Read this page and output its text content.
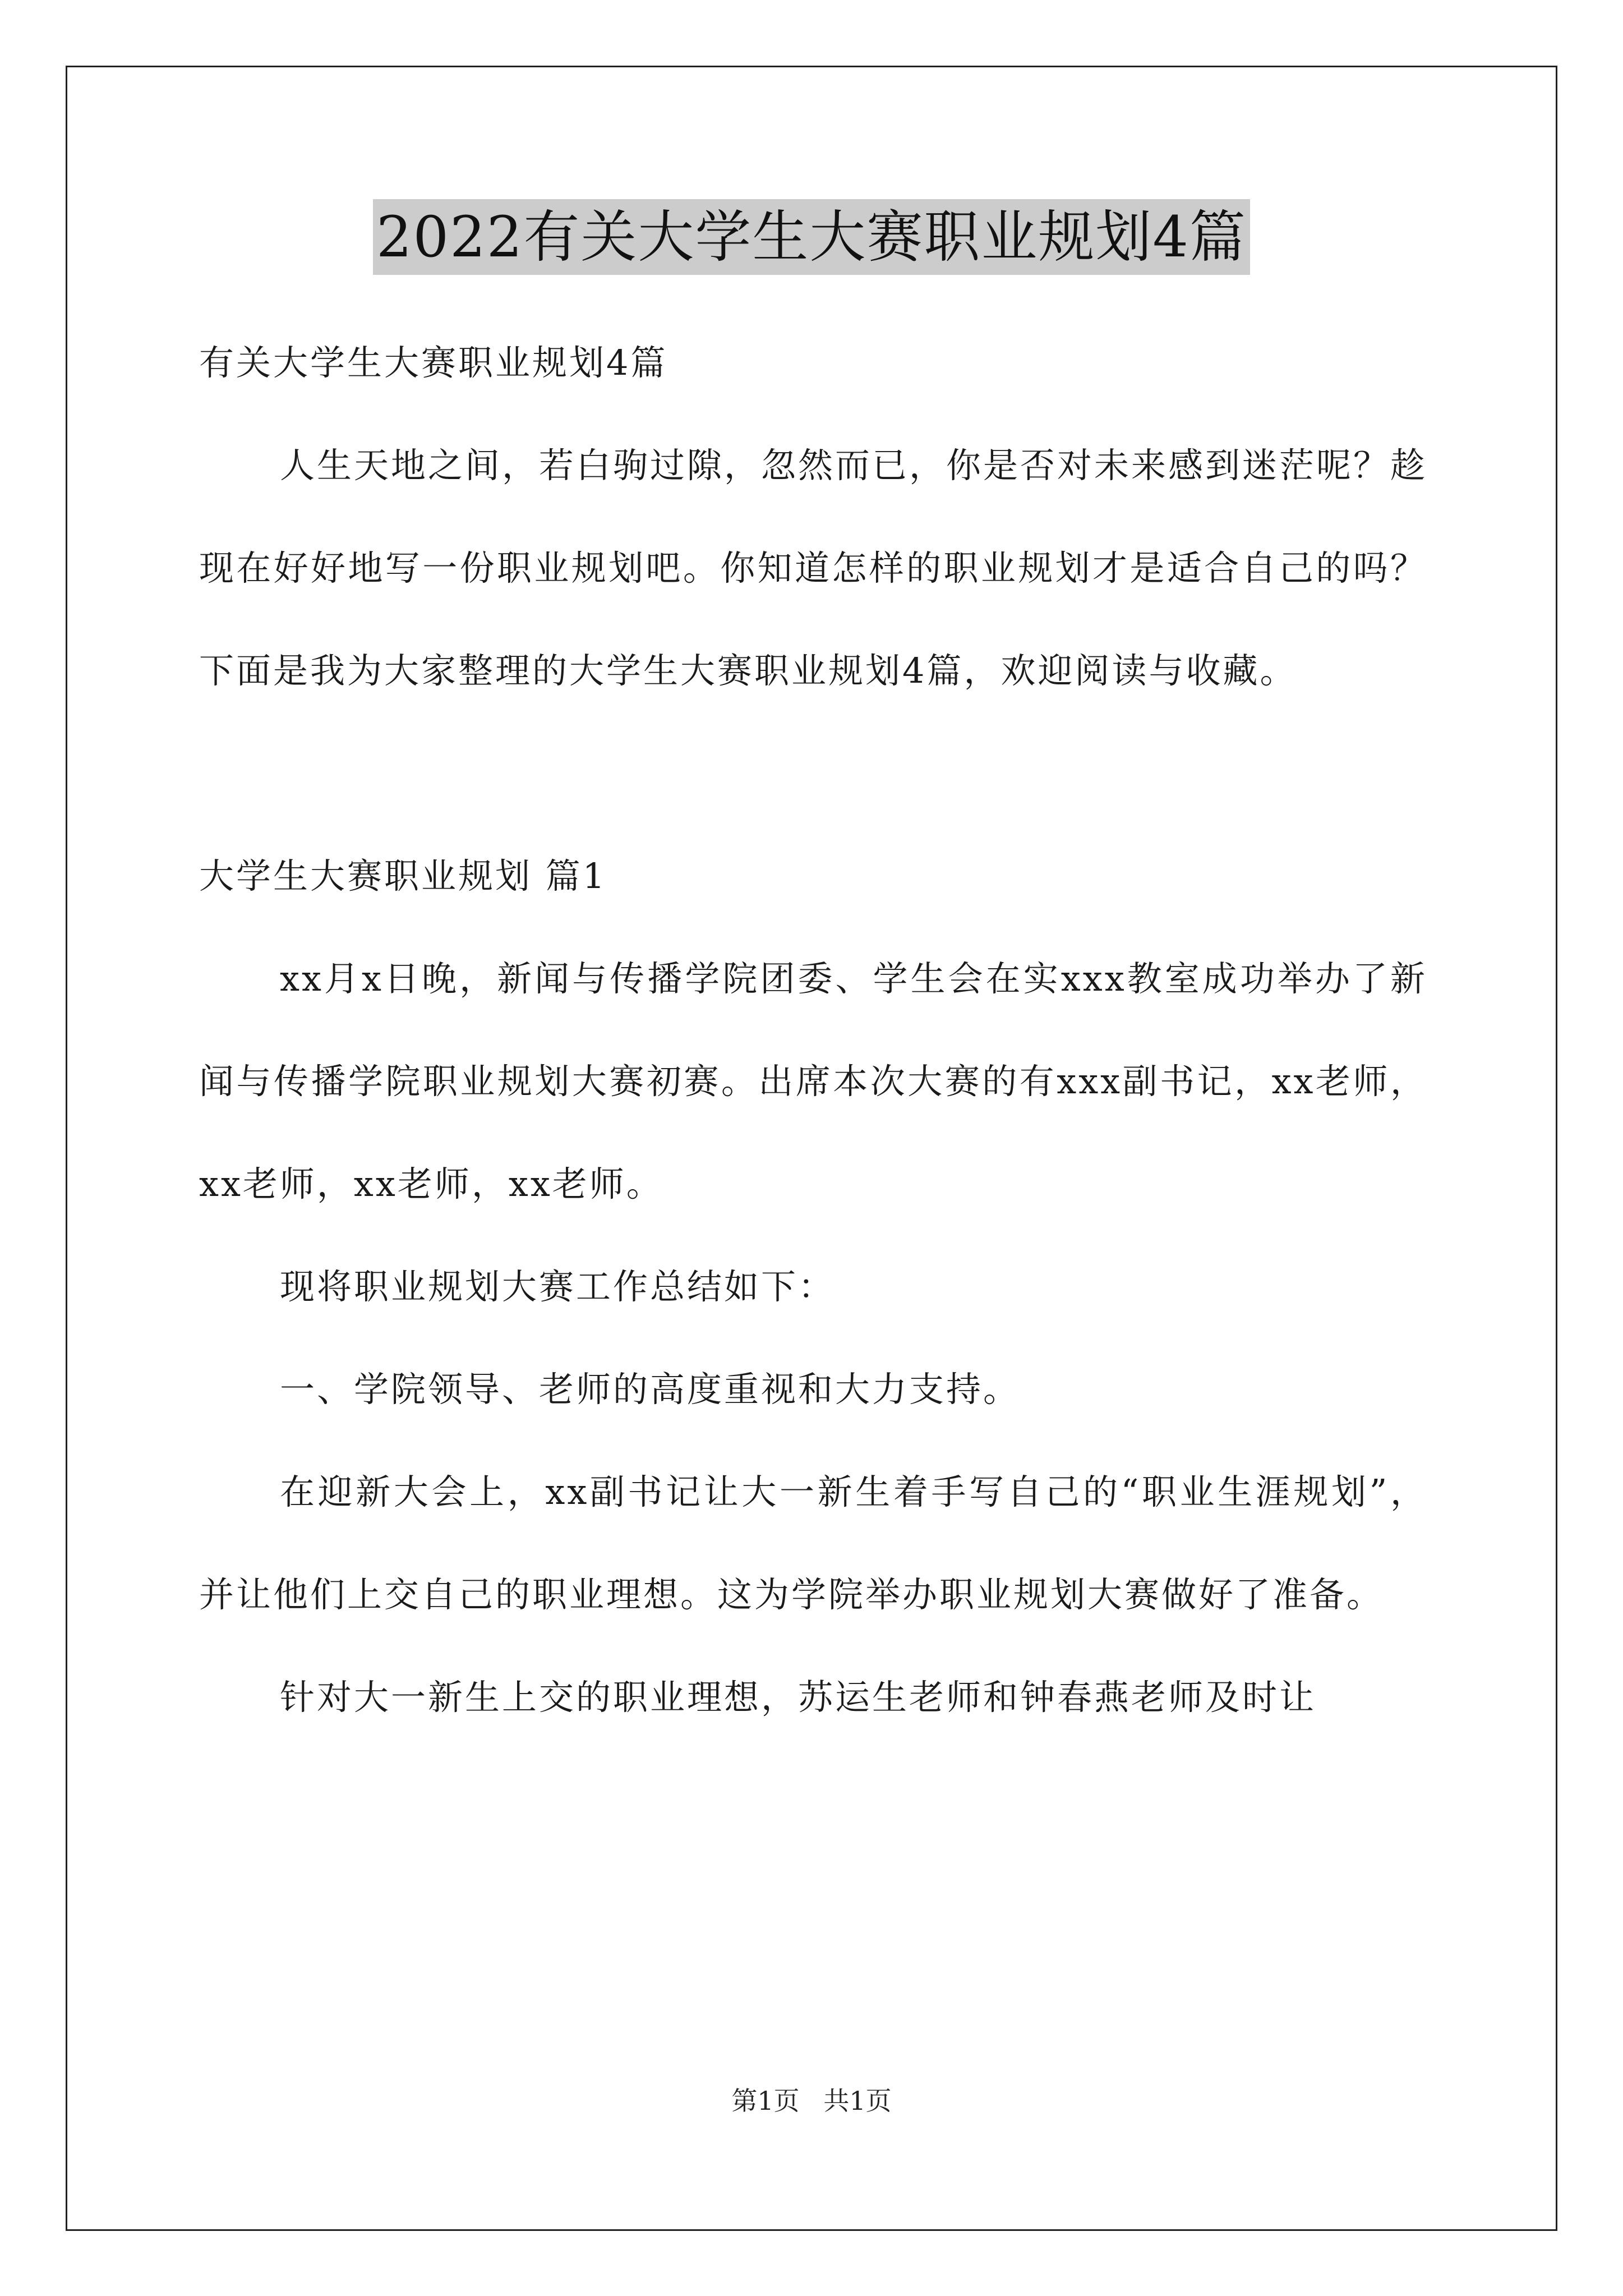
2022有关大学生大赛职业规划4篇

有关大学生大赛职业规划4篇

人生天地之间，若白驹过隙，忽然而已，你是否对未来感到迷茫呢？趁现在好好地写一份职业规划吧。你知道怎样的职业规划才是适合自己的吗？下面是我为大家整理的大学生大赛职业规划4篇，欢迎阅读与收藏。

大学生大赛职业规划 篇1

xx月x日晚，新闻与传播学院团委、学生会在实xxx教室成功举办了新闻与传播学院职业规划大赛初赛。出席本次大赛的有xxx副书记，xx老师，xx老师，xx老师，xx老师。

现将职业规划大赛工作总结如下：

一、学院领导、老师的高度重视和大力支持。

在迎新大会上，xx副书记让大一新生着手写自己的“职业生涯规划”，并让他们上交自己的职业理想。这为学院举办职业规划大赛做好了准备。

针对大一新生上交的职业理想，苏运生老师和钟春燕老师及时让

第1页 共1页
